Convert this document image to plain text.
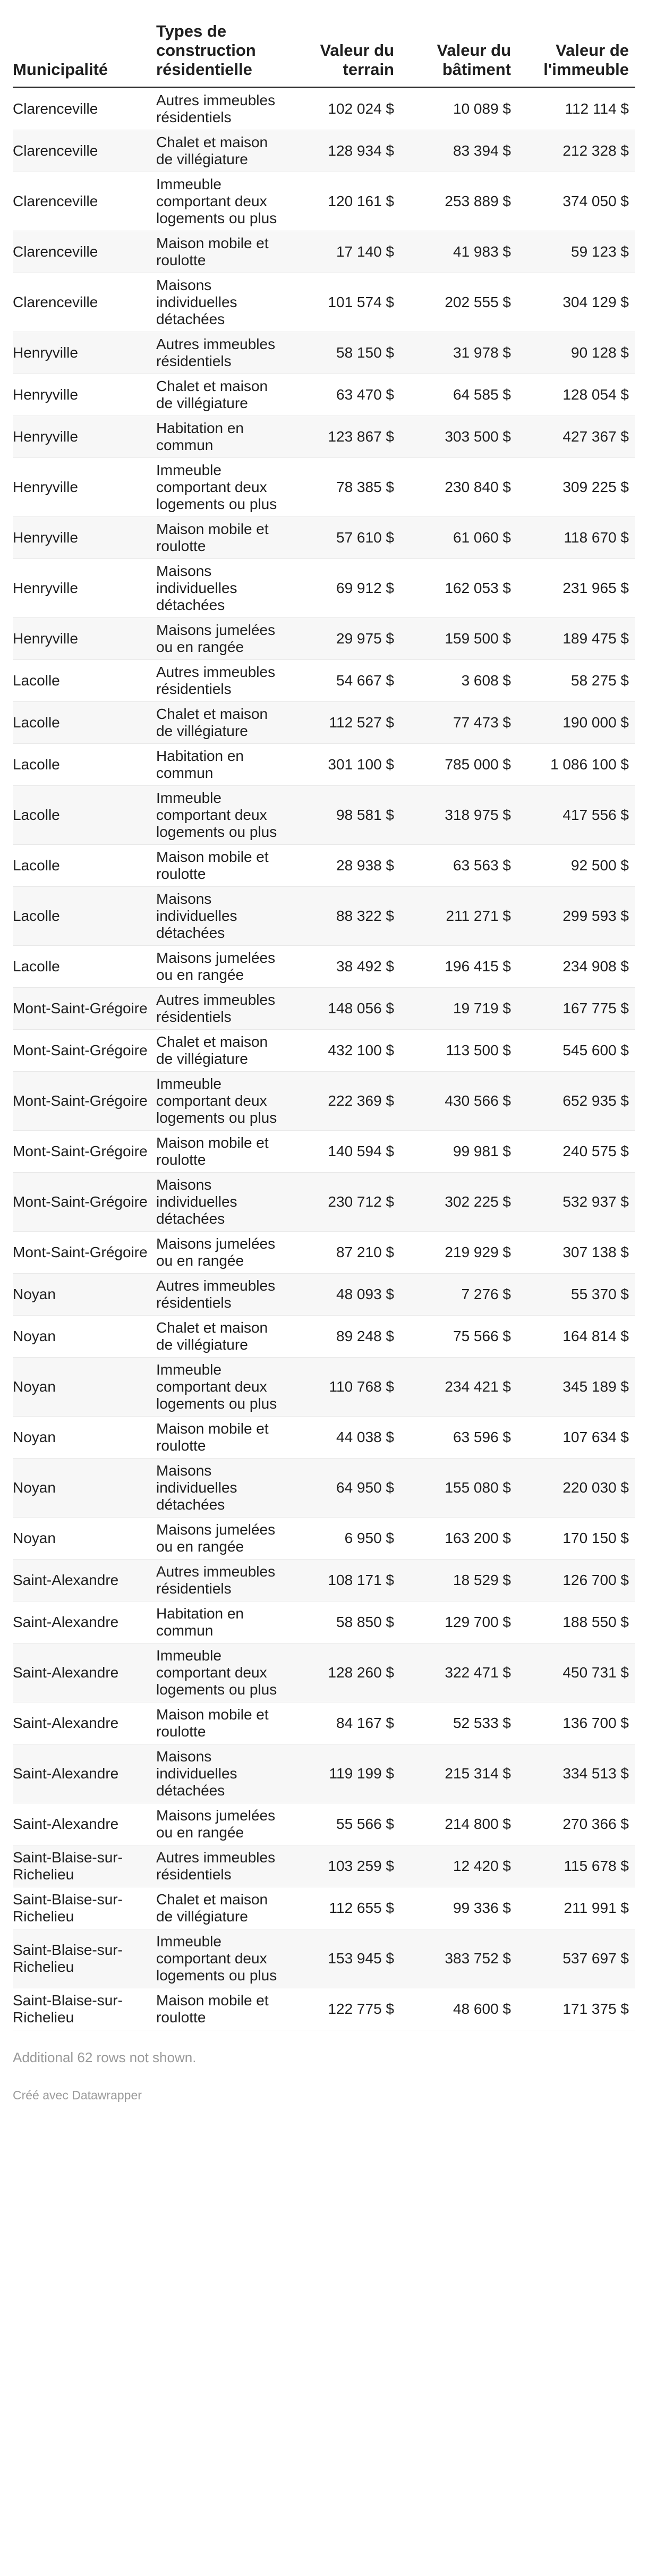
Municipalité	Types de construction résidentielle	Valeur du terrain	Valeur du bâtiment	Valeur de l'immeuble
Clarenceville	Autres immeubles résidentiels	102 024 $	10 089 $	112 114 $
Clarenceville	Chalet et maison de villégiature	128 934 $	83 394 $	212 328 $
Clarenceville	Immeuble comportant deux logements ou plus	120 161 $	253 889 $	374 050 $
Clarenceville	Maison mobile et roulotte	17 140 $	41 983 $	59 123 $
Clarenceville	Maisons individuelles détachées	101 574 $	202 555 $	304 129 $
Henryville	Autres immeubles résidentiels	58 150 $	31 978 $	90 128 $
Henryville	Chalet et maison de villégiature	63 470 $	64 585 $	128 054 $
Henryville	Habitation en commun	123 867 $	303 500 $	427 367 $
Henryville	Immeuble comportant deux logements ou plus	78 385 $	230 840 $	309 225 $
Henryville	Maison mobile et roulotte	57 610 $	61 060 $	118 670 $
Henryville	Maisons individuelles détachées	69 912 $	162 053 $	231 965 $
Henryville	Maisons jumelées ou en rangée	29 975 $	159 500 $	189 475 $
Lacolle	Autres immeubles résidentiels	54 667 $	3 608 $	58 275 $
Lacolle	Chalet et maison de villégiature	112 527 $	77 473 $	190 000 $
Lacolle	Habitation en commun	301 100 $	785 000 $	1 086 100 $
Lacolle	Immeuble comportant deux logements ou plus	98 581 $	318 975 $	417 556 $
Lacolle	Maison mobile et roulotte	28 938 $	63 563 $	92 500 $
Lacolle	Maisons individuelles détachées	88 322 $	211 271 $	299 593 $
Lacolle	Maisons jumelées ou en rangée	38 492 $	196 415 $	234 908 $
Mont-Saint-Grégoire	Autres immeubles résidentiels	148 056 $	19 719 $	167 775 $
Mont-Saint-Grégoire	Chalet et maison de villégiature	432 100 $	113 500 $	545 600 $
Mont-Saint-Grégoire	Immeuble comportant deux logements ou plus	222 369 $	430 566 $	652 935 $
Mont-Saint-Grégoire	Maison mobile et roulotte	140 594 $	99 981 $	240 575 $
Mont-Saint-Grégoire	Maisons individuelles détachées	230 712 $	302 225 $	532 937 $
Mont-Saint-Grégoire	Maisons jumelées ou en rangée	87 210 $	219 929 $	307 138 $
Noyan	Autres immeubles résidentiels	48 093 $	7 276 $	55 370 $
Noyan	Chalet et maison de villégiature	89 248 $	75 566 $	164 814 $
Noyan	Immeuble comportant deux logements ou plus	110 768 $	234 421 $	345 189 $
Noyan	Maison mobile et roulotte	44 038 $	63 596 $	107 634 $
Noyan	Maisons individuelles détachées	64 950 $	155 080 $	220 030 $
Noyan	Maisons jumelées ou en rangée	6 950 $	163 200 $	170 150 $
Saint-Alexandre	Autres immeubles résidentiels	108 171 $	18 529 $	126 700 $
Saint-Alexandre	Habitation en commun	58 850 $	129 700 $	188 550 $
Saint-Alexandre	Immeuble comportant deux logements ou plus	128 260 $	322 471 $	450 731 $
Saint-Alexandre	Maison mobile et roulotte	84 167 $	52 533 $	136 700 $
Saint-Alexandre	Maisons individuelles détachées	119 199 $	215 314 $	334 513 $
Saint-Alexandre	Maisons jumelées ou en rangée	55 566 $	214 800 $	270 366 $
Saint-Blaise-sur-Richelieu	Autres immeubles résidentiels	103 259 $	12 420 $	115 678 $
Saint-Blaise-sur-Richelieu	Chalet et maison de villégiature	112 655 $	99 336 $	211 991 $
Saint-Blaise-sur-Richelieu	Immeuble comportant deux logements ou plus	153 945 $	383 752 $	537 697 $
Saint-Blaise-sur-Richelieu	Maison mobile et roulotte	122 775 $	48 600 $	171 375 $
Additional 62 rows not shown.
Créé avec Datawrapper
